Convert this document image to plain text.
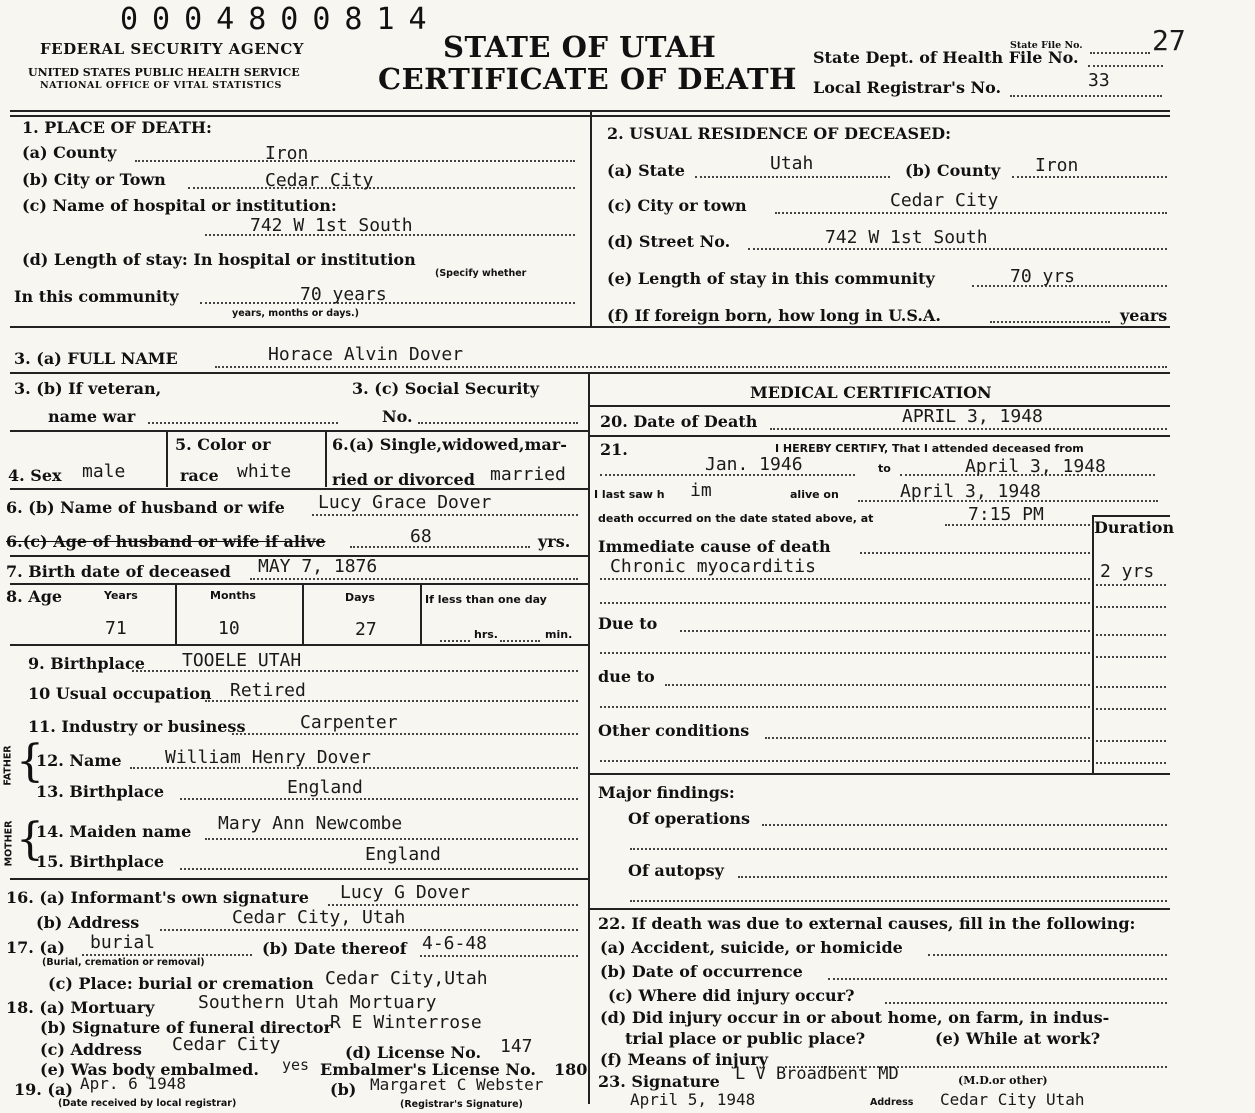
0004800814
FEDERAL SECURITY AGENCY
UNITED STATES PUBLIC HEALTH SERVICE
NATIONAL OFFICE OF VITAL STATISTICS
STATE OF UTAH
CERTIFICATE OF DEATH
State File No. 27
State Dept. of Health File No.
Local Registrar's No.	33
1. PLACE OF DEATH:
(a) County	Iron
(b) City or Town	Cedar City
(c) Name of hospital or institution:
742 W 1st South
(d) Length of stay: In hospital or institution
(Specify whether
In this community	70 years
years, months or days.)
2. USUAL RESIDENCE OF DECEASED:
(a) State	Utah	(b) County Iron
(c) City or town	Cedar City
(d) Street No.	742 W 1st South
(e) Length of stay in this community	70 yrs
(f) If foreign born, how long in U.S.A.	years
3. (a) FULL NAME	Horace Alvin Dover
3. (b) If veteran,
name war
3. (c) Social Security
No.
4. Sex male
5. Color or
race white
6.(a) Single,widowed,mar-
ried or divorced married
6. (b) Name of husband or wife Lucy Grace Dover
6.(c) Age of husband or wife if alive	68	yrs.
7. Birth date of deceased MAY 7, 1876
8. Age	Years	Months	Days	If less than one day
71	10	27	hrs.	min.
9. Birthplace TOOELE UTAH
10 Usual occupation Retired
11. Industry or business	Carpenter
FATHER {
12. Name William Henry Dover
13. Birthplace	England
MOTHER {
14. Maiden name Mary Ann Newcombe
15. Birthplace	England
16. (a) Informant's own signature Lucy G Dover
(b) Address	Cedar City, Utah
17. (a) burial
(Burial, cremation or removal)
(b) Date thereof 4-6-48
(c) Place: burial or cremation Cedar City,Utah
18. (a) Mortuary Southern Utah Mortuary
(b) Signature of funeral director
R E Winterrose
(c) Address Cedar City	(d) License No. 147
(e) Was body embalmed. yes Embalmer's License No. 180
19. (a) Apr. 6 1948
(Date received by local registrar)
(b) Margaret C Webster
(Registrar's Signature)
MEDICAL CERTIFICATION
20. Date of Death	APRIL 3, 1948
21.	I HEREBY CERTIFY, That I attended deceased from
Jan. 1946	to	April 3, 1948
I last saw h im	alive on	April 3, 1948
death occurred on the date stated above, at	7:15 PM
Duration
Immediate cause of death
Chronic myocarditis	2 yrs
Due to
due to
Other conditions
Major findings:
Of operations
Of autopsy
22. If death was due to external causes, fill in the following:
(a) Accident, suicide, or homicide
(b) Date of occurrence
(c) Where did injury occur?
(d) Did injury occur in or about home, on farm, in indus-
trial place or public place?	(e) While at work?
(f) Means of injury
23. Signature L V Broadbent MD	(M.D.or other)
April 5, 1948	Address Cedar City Utah
